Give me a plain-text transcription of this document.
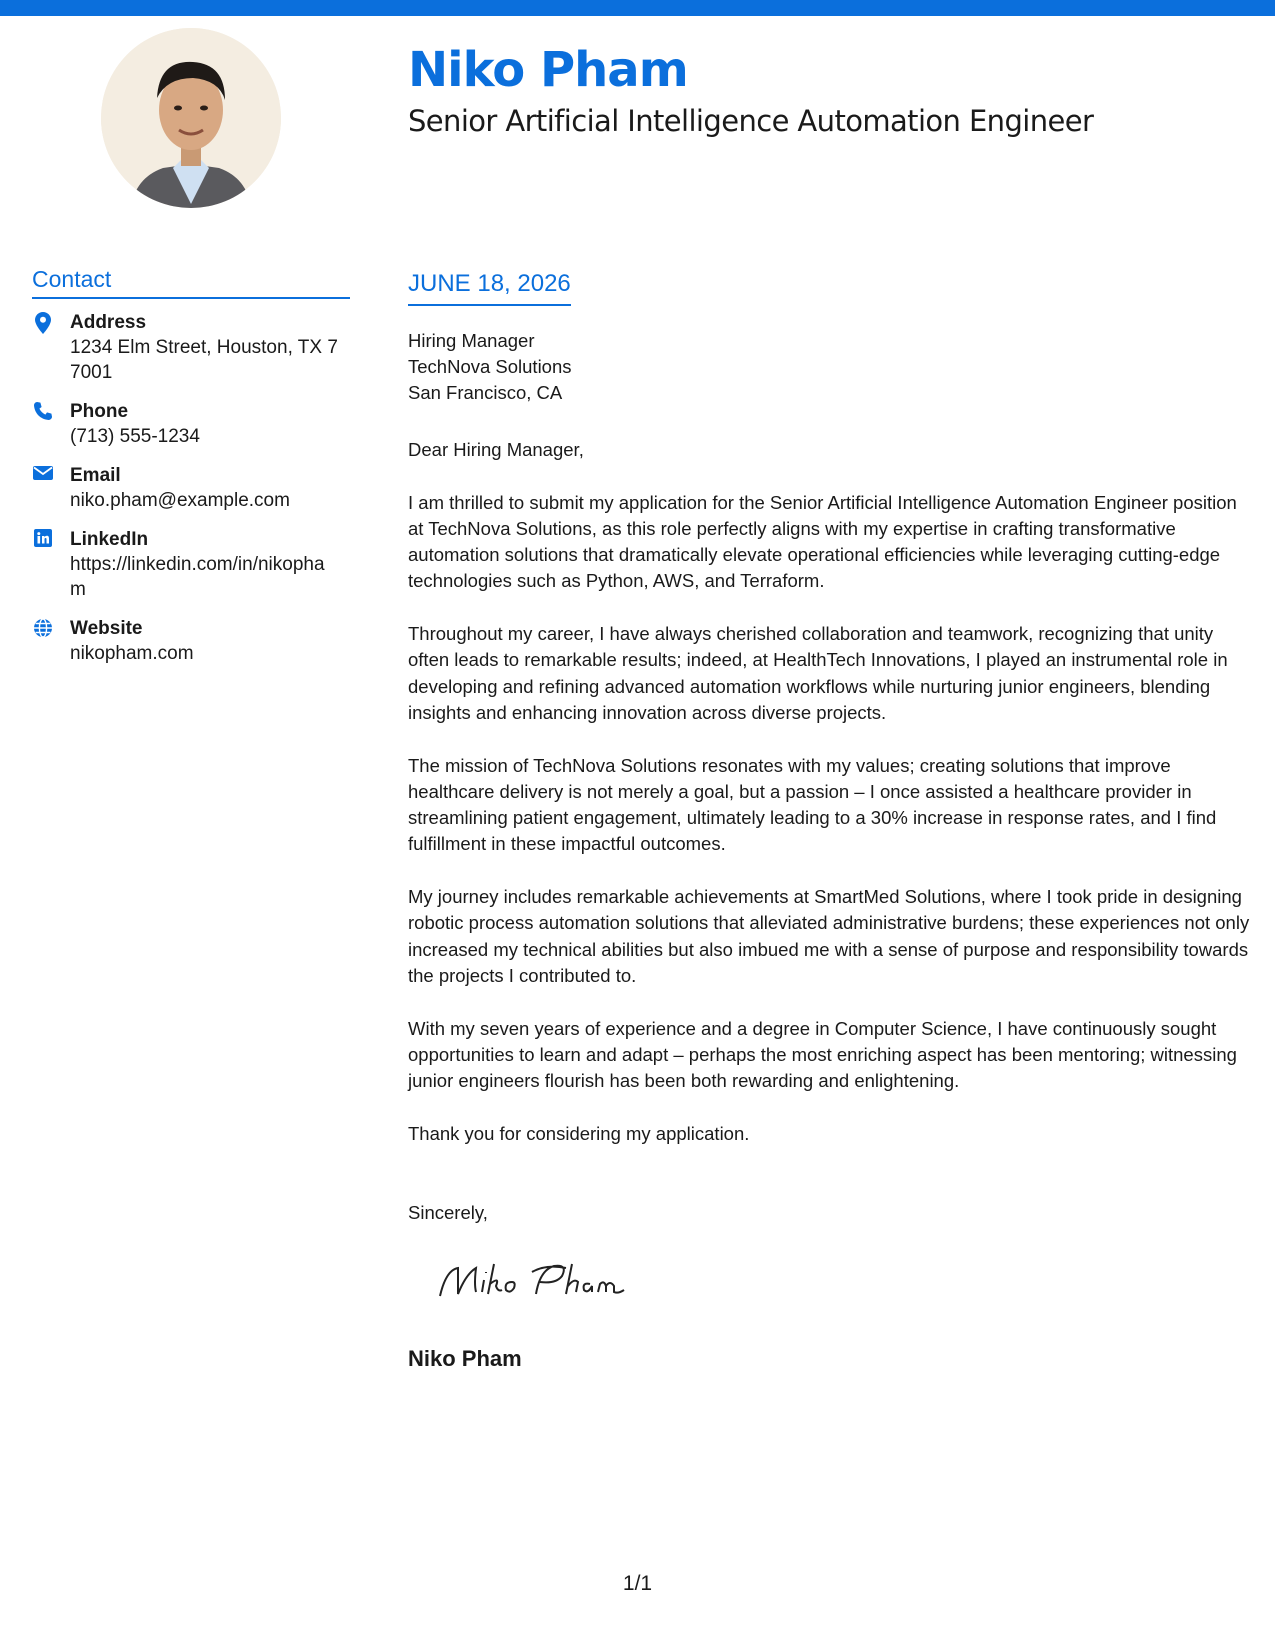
Niko Pham
Senior Artificial Intelligence Automation Engineer
Contact
Address
1234 Elm Street, Houston, TX 77001
Phone
(713) 555-1234
Email
niko.pham@example.com
LinkedIn
https://linkedin.com/in/nikopham
Website
nikopham.com
JUNE 18, 2026
Hiring Manager
TechNova Solutions
San Francisco, CA

Dear Hiring Manager,

I am thrilled to submit my application for the Senior Artificial Intelligence Automation Engineer position at TechNova Solutions, as this role perfectly aligns with my expertise in crafting transformative automation solutions that dramatically elevate operational efficiencies while leveraging cutting-edge technologies such as Python, AWS, and Terraform.

Throughout my career, I have always cherished collaboration and teamwork, recognizing that unity often leads to remarkable results; indeed, at HealthTech Innovations, I played an instrumental role in developing and refining advanced automation workflows while nurturing junior engineers, blending insights and enhancing innovation across diverse projects.

The mission of TechNova Solutions resonates with my values; creating solutions that improve healthcare delivery is not merely a goal, but a passion – I once assisted a healthcare provider in streamlining patient engagement, ultimately leading to a 30% increase in response rates, and I find fulfillment in these impactful outcomes.

My journey includes remarkable achievements at SmartMed Solutions, where I took pride in designing robotic process automation solutions that alleviated administrative burdens; these experiences not only increased my technical abilities but also imbued me with a sense of purpose and responsibility towards the projects I contributed to.

With my seven years of experience and a degree in Computer Science, I have continuously sought opportunities to learn and adapt – perhaps the most enriching aspect has been mentoring; witnessing junior engineers flourish has been both rewarding and enlightening.

Thank you for considering my application.

Sincerely,
Niko Pham
1/1
